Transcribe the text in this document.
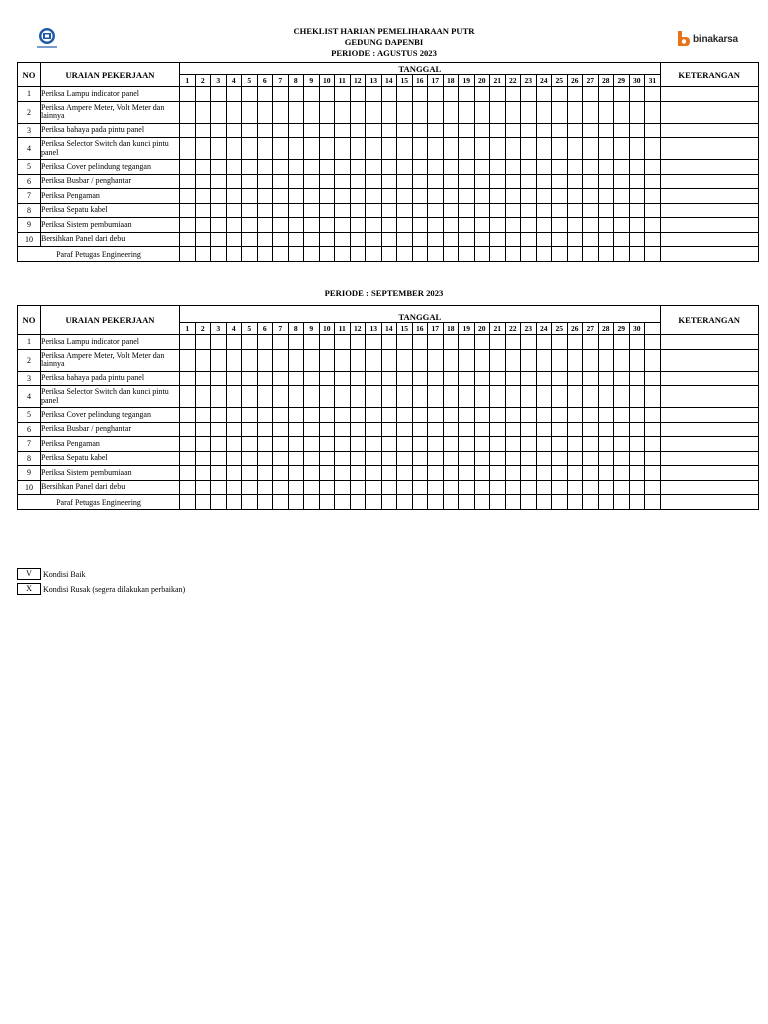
CHEKLIST HARIAN PEMELIHARAAN PUTR
GEDUNG DAPENBI
PERIODE : AGUSTUS 2023
binakarsa
NO	URAIAN PEKERJAAN	TANGGAL																															KETERANGAN
		1	2	3	4	5	6	7	8	9	10	11	12	13	14	15	16	17	18	19	20	21	22	23	24	25	26	27	28	29	30	31	
1	Periksa Lampu indicator panel																																
2	Periksa Ampere Meter, Volt Meter dan lainnya																																
3	Periksa bahaya pada pintu panel																																
4	Periksa Selector Switch dan kunci pintu panel																																
5	Periksa Cover pelindung tegangan																																
6	Periksa Busbar / penghantar																																
7	Periksa Pengaman																																
8	Periksa Sepatu kabel																																
9	Periksa Sistem pembumiaan																																
10	Bersihkan Panel dari debu																																
Paraf Petugas Engineering																																	
PERIODE : SEPTEMBER 2023
NO	URAIAN PEKERJAAN	TANGGAL																															KETERANGAN
		1	2	3	4	5	6	7	8	9	10	11	12	13	14	15	16	17	18	19	20	21	22	23	24	25	26	27	28	29	30		
1	Periksa Lampu indicator panel																																
2	Periksa Ampere Meter, Volt Meter dan lainnya																																
3	Periksa bahaya pada pintu panel																																
4	Periksa Selector Switch dan kunci pintu panel																																
5	Periksa Cover pelindung tegangan																																
6	Periksa Busbar / penghantar																																
7	Periksa Pengaman																																
8	Periksa Sepatu kabel																																
9	Periksa Sistem pembumiaan																																
10	Bersihkan Panel dari debu																																
Paraf Petugas Engineering																																	
V	Kondisi Baik
X	Kondisi Rusak (segera dilakukan perbaikan)
